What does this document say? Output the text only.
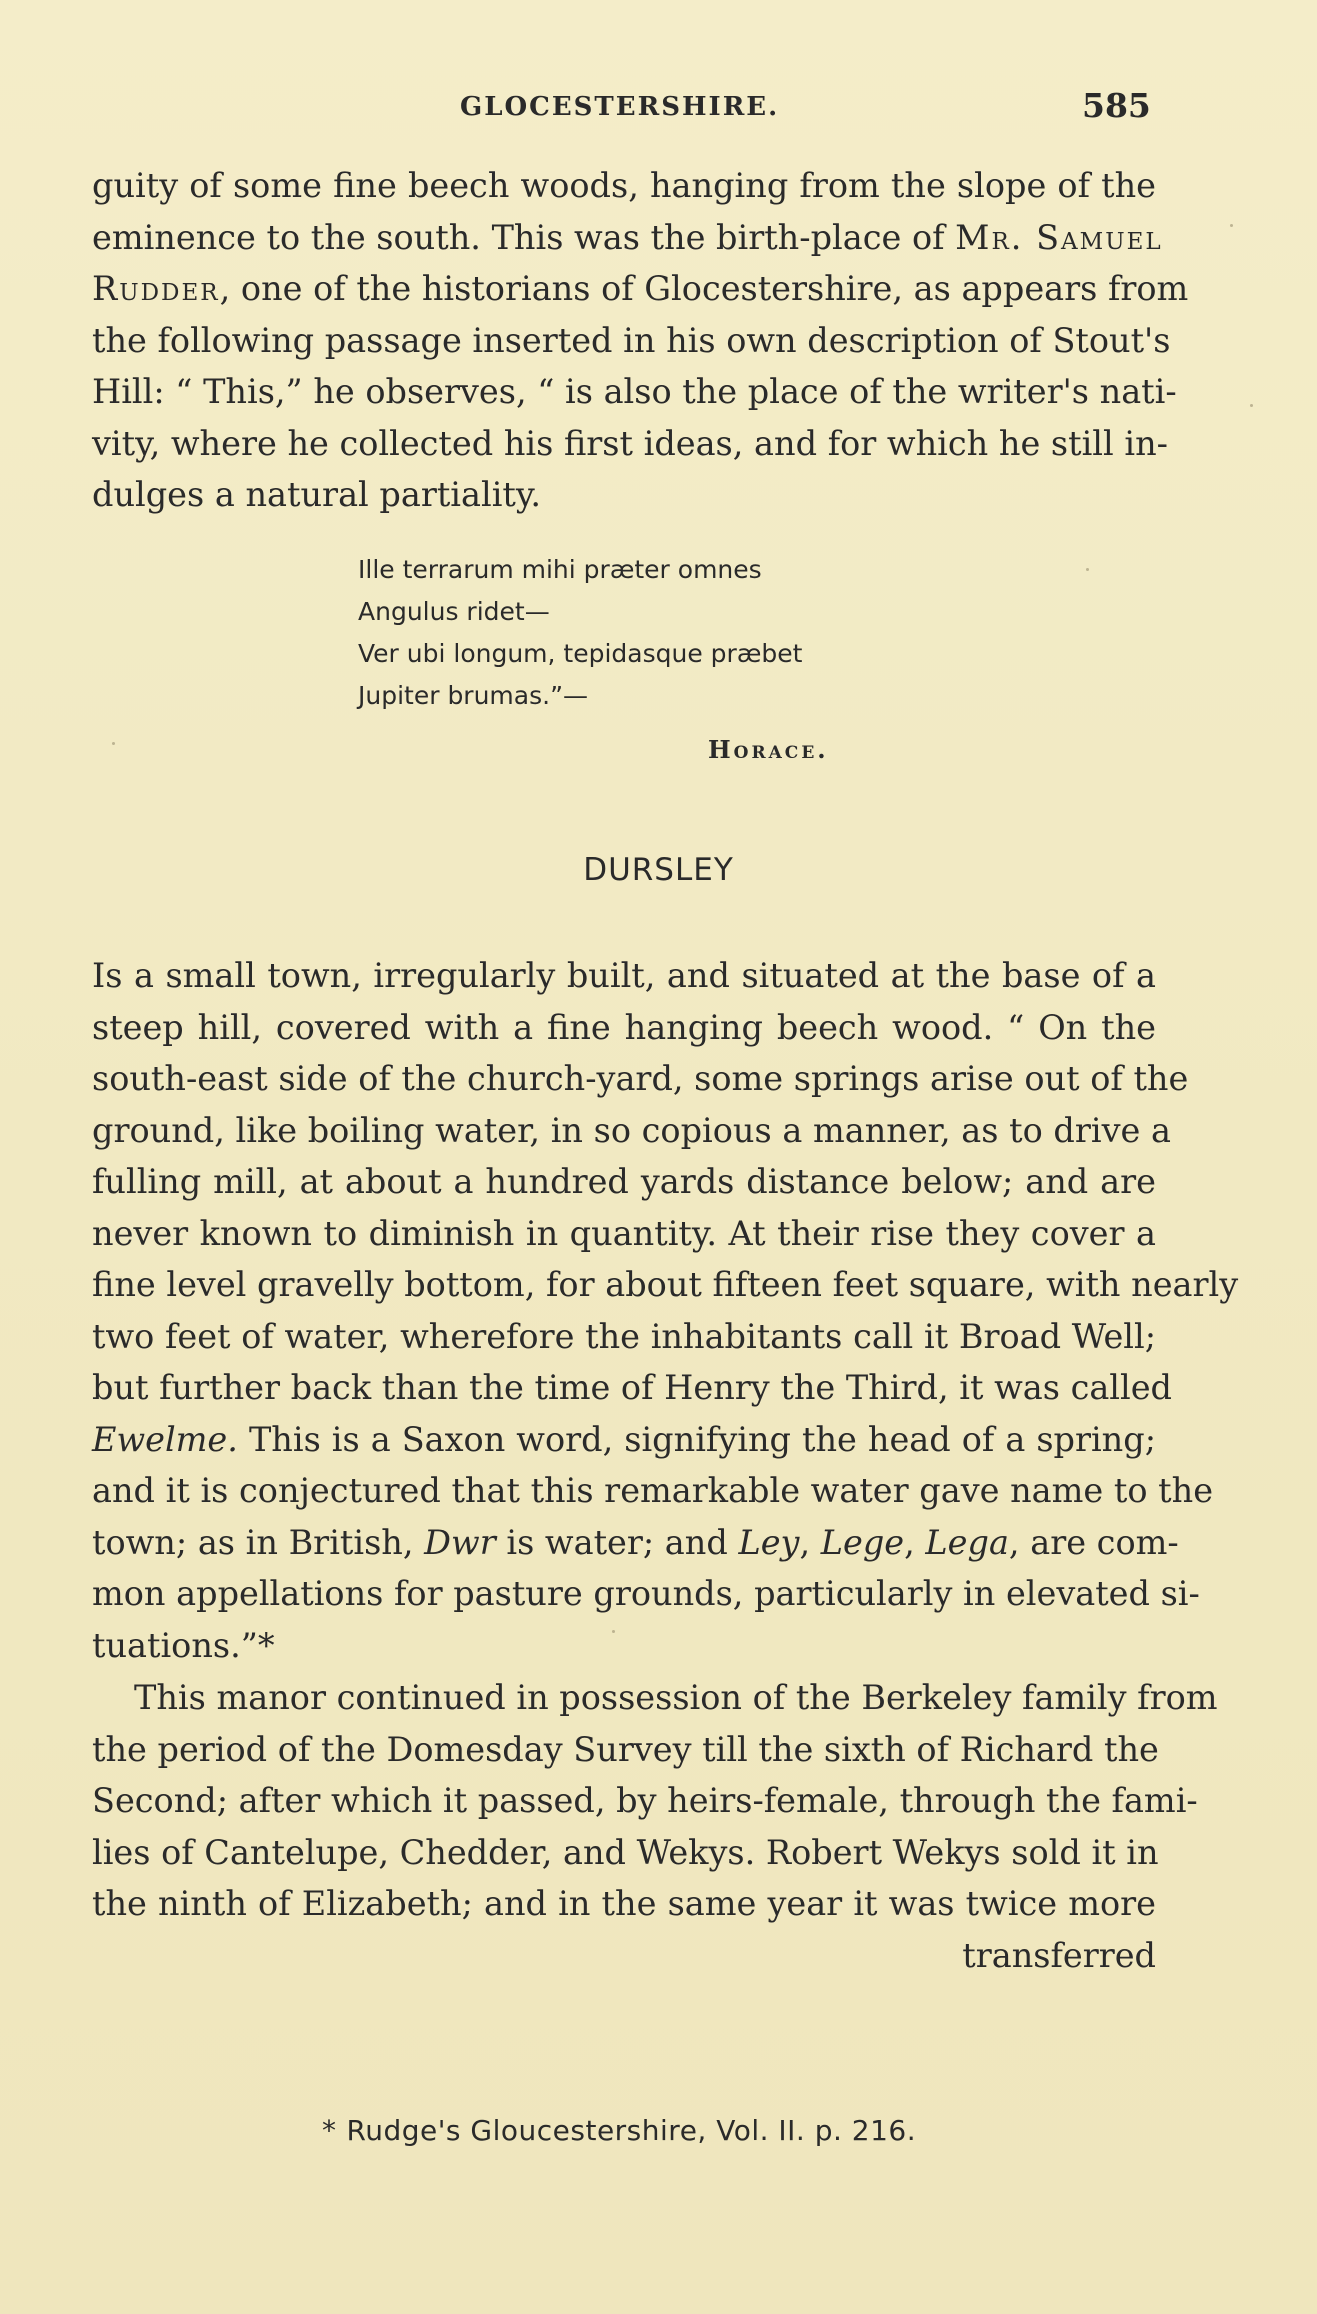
GLOCESTERSHIRE.	585
guity of some fine beech woods, hanging from the slope of the
eminence to the south. This was the birth-place of Mr. Samuel
Rudder, one of the historians of Glocestershire, as appears from
the following passage inserted in his own description of Stout's
Hill: “ This,” he observes, “ is also the place of the writer's nati-
vity, where he collected his first ideas, and for which he still in-
dulges a natural partiality.
Ille terrarum mihi præter omnes
Angulus ridet—
Ver ubi longum, tepidasque præbet
Jupiter brumas.”—
Horace.
DURSLEY
Is a small town, irregularly built, and situated at the base of a
steep hill, covered with a fine hanging beech wood. “ On the
south-east side of the church-yard, some springs arise out of the
ground, like boiling water, in so copious a manner, as to drive a
fulling mill, at about a hundred yards distance below; and are
never known to diminish in quantity. At their rise they cover a
fine level gravelly bottom, for about fifteen feet square, with nearly
two feet of water, wherefore the inhabitants call it Broad Well;
but further back than the time of Henry the Third, it was called
Ewelme. This is a Saxon word, signifying the head of a spring;
and it is conjectured that this remarkable water gave name to the
town; as in British, Dwr is water; and Ley, Lege, Lega, are com-
mon appellations for pasture grounds, particularly in elevated si-
tuations.”*
This manor continued in possession of the Berkeley family from
the period of the Domesday Survey till the sixth of Richard the
Second; after which it passed, by heirs-female, through the fami-
lies of Cantelupe, Chedder, and Wekys. Robert Wekys sold it in
the ninth of Elizabeth; and in the same year it was twice more
transferred
* Rudge's Gloucestershire, Vol. II. p. 216.
